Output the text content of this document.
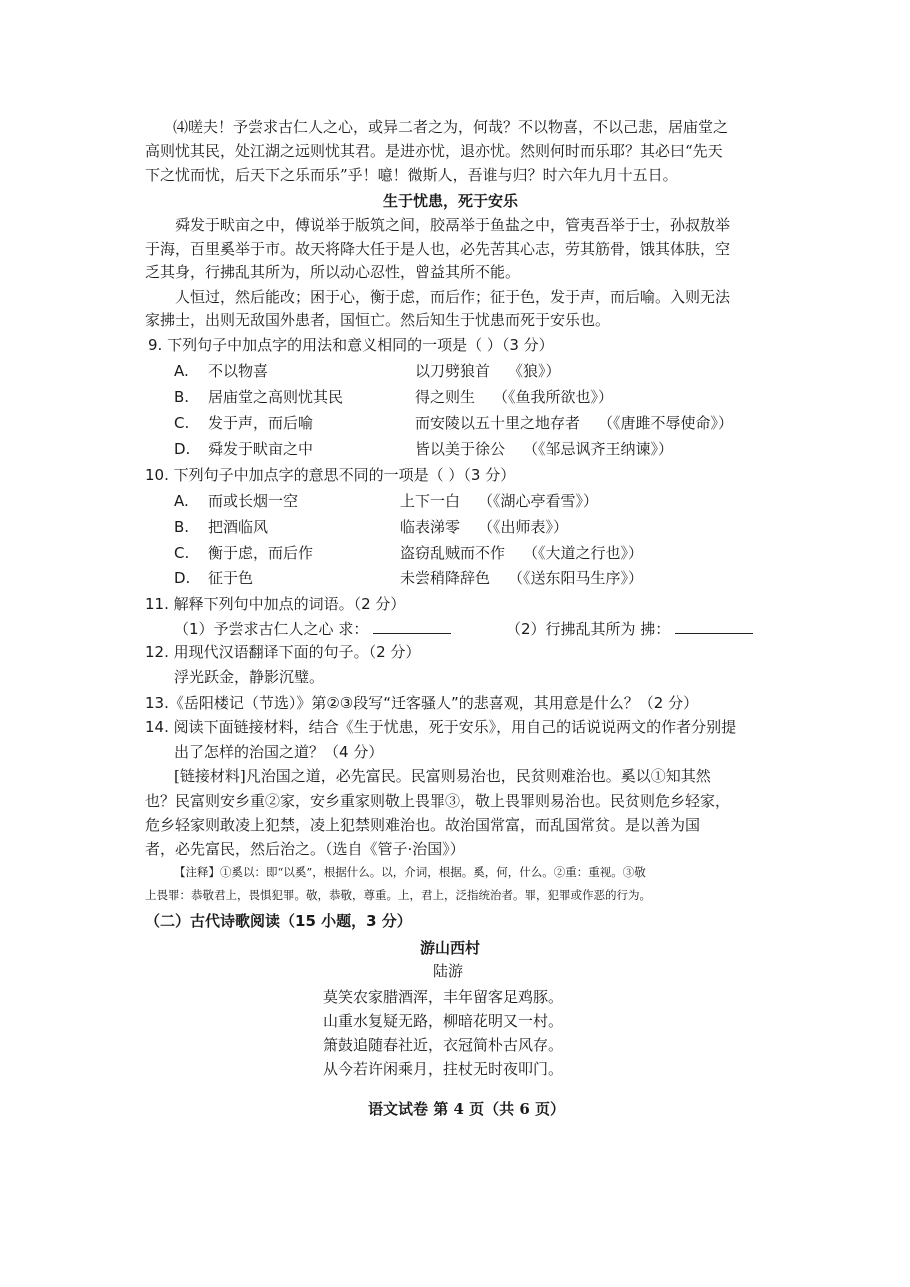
⑷嗟夫！予尝求古仁人之心，或异二者之为，何哉？不以物喜，不以己悲，居庙堂之
高则忧其民，处江湖之远则忧其君。是进亦忧，退亦忧。然则何时而乐耶？其必曰“先天
下之忧而忧，后天下之乐而乐”乎！噫！微斯人，吾谁与归？时六年九月十五日。
生于忧患，死于安乐
舜发于畎亩之中，傅说举于版筑之间，胶鬲举于鱼盐之中，管夷吾举于士，孙叔敖举
于海，百里奚举于市。故天将降大任于是人也，必先苦其心志，劳其筋骨，饿其体肤，空
乏其身，行拂乱其所为，所以动心忍性，曾益其所不能。
人恒过，然后能改；困于心，衡于虑，而后作；征于色，发于声，而后喻。入则无法
家拂士，出则无敌国外患者，国恒亡。然后知生于忧患而死于安乐也。
9. 下列句子中加点字的用法和意义相同的一项是（ ）（3 分）
A. 不以物喜	以刀劈狼首 《狼》）
B. 居庙堂之高则忧其民	得之则生 （《鱼我所欲也》）
C. 发于声，而后喻	而安陵以五十里之地存者 （《唐雎不辱使命》）
D. 舜发于畎亩之中	皆以美于徐公 （《邹忌讽齐王纳谏》）
10. 下列句子中加点字的意思不同的一项是（ ）（3 分）
A. 而或长烟一空	上下一白 （《湖心亭看雪》）
B. 把酒临风	临表涕零 （《出师表》）
C. 衡于虑，而后作	盗窃乱贼而不作 （《大道之行也》）
D. 征于色	未尝稍降辞色 （《送东阳马生序》）
11. 解释下列句中加点的词语。（2 分）
（1）予尝求古仁人之心 求：	（2）行拂乱其所为 拂：
12. 用现代汉语翻译下面的句子。（2 分）
浮光跃金，静影沉璧。
13.《岳阳楼记（节选）》第②③段写“迁客骚人”的悲喜观，其用意是什么？（2 分）
14. 阅读下面链接材料，结合《生于忧患，死于安乐》，用自己的话说说两文的作者分别提
出了怎样的治国之道？（4 分）
[链接材料]凡治国之道，必先富民。民富则易治也，民贫则难治也。奚以①知其然
也？民富则安乡重②家，安乡重家则敬上畏罪③，敬上畏罪则易治也。民贫则危乡轻家，
危乡轻家则敢凌上犯禁，凌上犯禁则难治也。故治国常富，而乱国常贫。是以善为国
者，必先富民，然后治之。（选自《管子·治国》）
【注释】①奚以：即“以奚”，根据什么。以，介词，根据。奚，何，什么。②重：重视。③敬
上畏罪：恭敬君上，畏惧犯罪。敬，恭敬，尊重。上，君上，泛指统治者。罪，犯罪或作恶的行为。
（二）古代诗歌阅读（15 小题，3 分）
游山西村
陆游
莫笑农家腊酒浑，丰年留客足鸡豚。
山重水复疑无路，柳暗花明又一村。
箫鼓追随春社近，衣冠简朴古风存。
从今若许闲乘月，拄杖无时夜叩门。
语文试卷 第 4 页（共 6 页）
